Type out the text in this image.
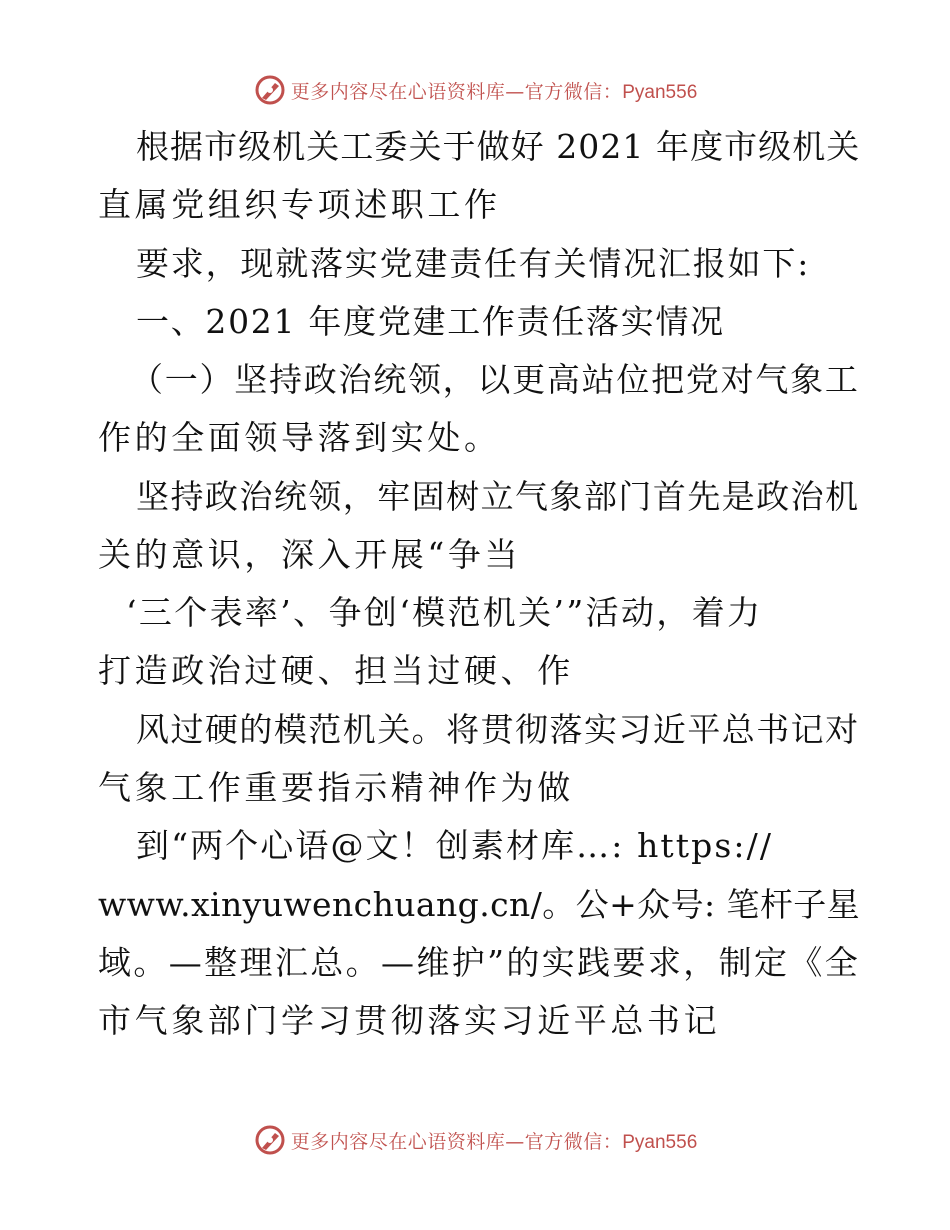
更多内容尽在心语资料库—官方微信：Pyan556
根据市级机关工委关于做好 2021 年度市级机关
直属党组织专项述职工作
要求，现就落实党建责任有关情况汇报如下:
一、2021 年度党建工作责任落实情况
（一）坚持政治统领，以更高站位把党对气象工
作的全面领导落到实处。
坚持政治统领，牢固树立气象部门首先是政治机
关的意识，深入开展“争当
‘三个表率’、争创‘模范机关’”活动，着力
打造政治过硬、担当过硬、作
风过硬的模范机关。将贯彻落实习近平总书记对
气象工作重要指示精神作为做
到“两个心语@文！创素材库…: https://
www.xinyuwenchuang.cn/。公+众号: 笔杆子星
域。—整理汇总。—维护”的实践要求，制定《全
市气象部门学习贯彻落实习近平总书记
更多内容尽在心语资料库—官方微信：Pyan556
